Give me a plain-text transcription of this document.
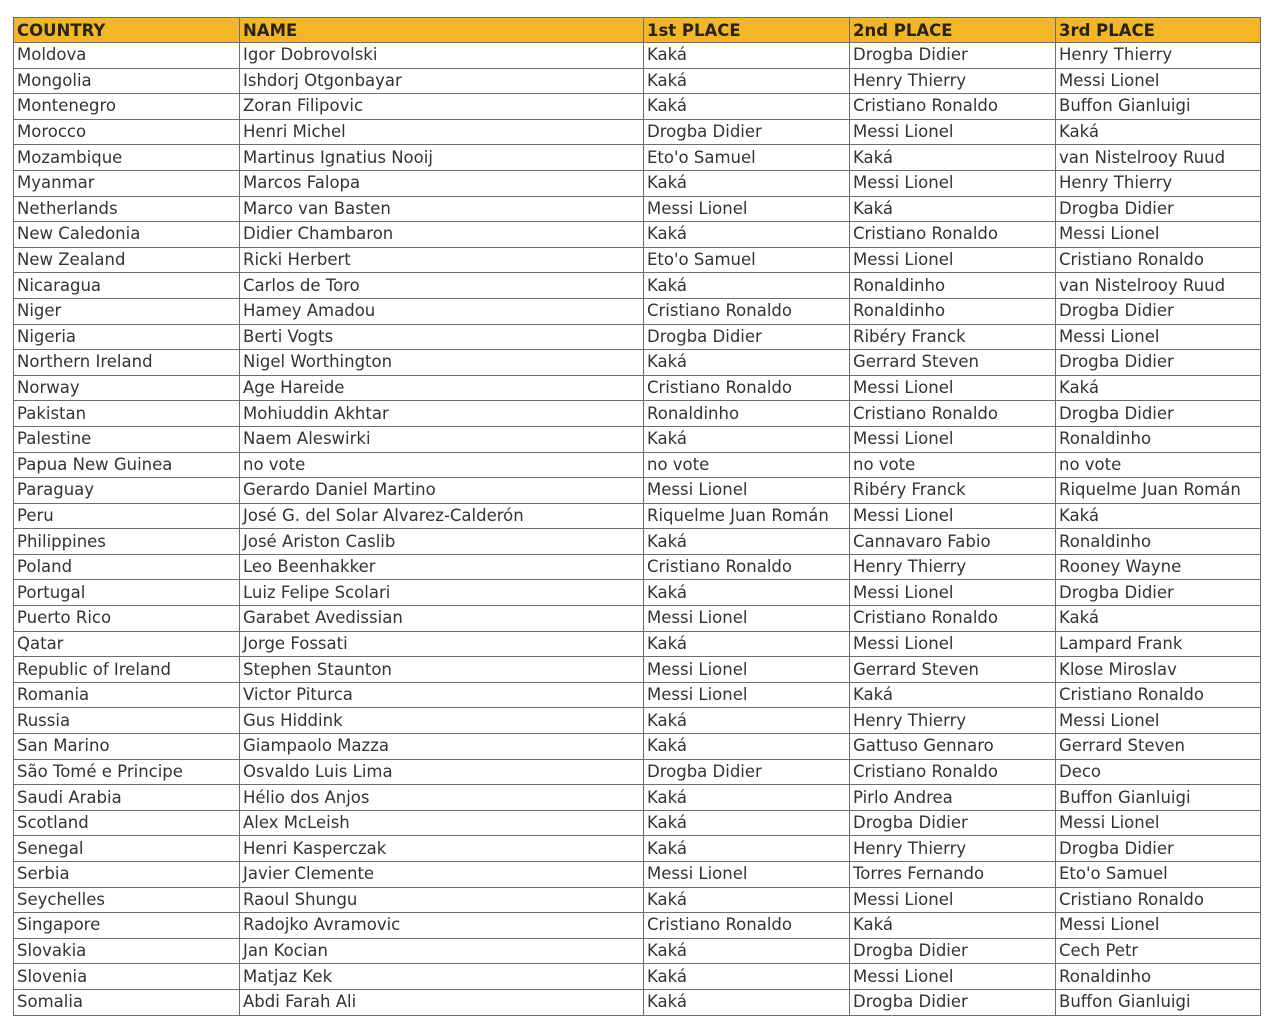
COUNTRY	NAME	1st PLACE	2nd PLACE	3rd PLACE
Moldova	Igor Dobrovolski	Kaká	Drogba Didier	Henry Thierry
Mongolia	Ishdorj Otgonbayar	Kaká	Henry Thierry	Messi Lionel
Montenegro	Zoran Filipovic	Kaká	Cristiano Ronaldo	Buffon Gianluigi
Morocco	Henri Michel	Drogba Didier	Messi Lionel	Kaká
Mozambique	Martinus Ignatius Nooij	Eto'o Samuel	Kaká	van Nistelrooy Ruud
Myanmar	Marcos Falopa	Kaká	Messi Lionel	Henry Thierry
Netherlands	Marco van Basten	Messi Lionel	Kaká	Drogba Didier
New Caledonia	Didier Chambaron	Kaká	Cristiano Ronaldo	Messi Lionel
New Zealand	Ricki Herbert	Eto'o Samuel	Messi Lionel	Cristiano Ronaldo
Nicaragua	Carlos de Toro	Kaká	Ronaldinho	van Nistelrooy Ruud
Niger	Hamey Amadou	Cristiano Ronaldo	Ronaldinho	Drogba Didier
Nigeria	Berti Vogts	Drogba Didier	Ribéry Franck	Messi Lionel
Northern Ireland	Nigel Worthington	Kaká	Gerrard Steven	Drogba Didier
Norway	Age Hareide	Cristiano Ronaldo	Messi Lionel	Kaká
Pakistan	Mohiuddin Akhtar	Ronaldinho	Cristiano Ronaldo	Drogba Didier
Palestine	Naem Aleswirki	Kaká	Messi Lionel	Ronaldinho
Papua New Guinea	no vote	no vote	no vote	no vote
Paraguay	Gerardo Daniel Martino	Messi Lionel	Ribéry Franck	Riquelme Juan Román
Peru	José G. del Solar Alvarez-Calderón	Riquelme Juan Román	Messi Lionel	Kaká
Philippines	José Ariston Caslib	Kaká	Cannavaro Fabio	Ronaldinho
Poland	Leo Beenhakker	Cristiano Ronaldo	Henry Thierry	Rooney Wayne
Portugal	Luiz Felipe Scolari	Kaká	Messi Lionel	Drogba Didier
Puerto Rico	Garabet Avedissian	Messi Lionel	Cristiano Ronaldo	Kaká
Qatar	Jorge Fossati	Kaká	Messi Lionel	Lampard Frank
Republic of Ireland	Stephen Staunton	Messi Lionel	Gerrard Steven	Klose Miroslav
Romania	Victor Piturca	Messi Lionel	Kaká	Cristiano Ronaldo
Russia	Gus Hiddink	Kaká	Henry Thierry	Messi Lionel
San Marino	Giampaolo Mazza	Kaká	Gattuso Gennaro	Gerrard Steven
São Tomé e Principe	Osvaldo Luis Lima	Drogba Didier	Cristiano Ronaldo	Deco
Saudi Arabia	Hélio dos Anjos	Kaká	Pirlo Andrea	Buffon Gianluigi
Scotland	Alex McLeish	Kaká	Drogba Didier	Messi Lionel
Senegal	Henri Kasperczak	Kaká	Henry Thierry	Drogba Didier
Serbia	Javier Clemente	Messi Lionel	Torres Fernando	Eto'o Samuel
Seychelles	Raoul Shungu	Kaká	Messi Lionel	Cristiano Ronaldo
Singapore	Radojko Avramovic	Cristiano Ronaldo	Kaká	Messi Lionel
Slovakia	Jan Kocian	Kaká	Drogba Didier	Cech Petr
Slovenia	Matjaz Kek	Kaká	Messi Lionel	Ronaldinho
Somalia	Abdi Farah Ali	Kaká	Drogba Didier	Buffon Gianluigi
